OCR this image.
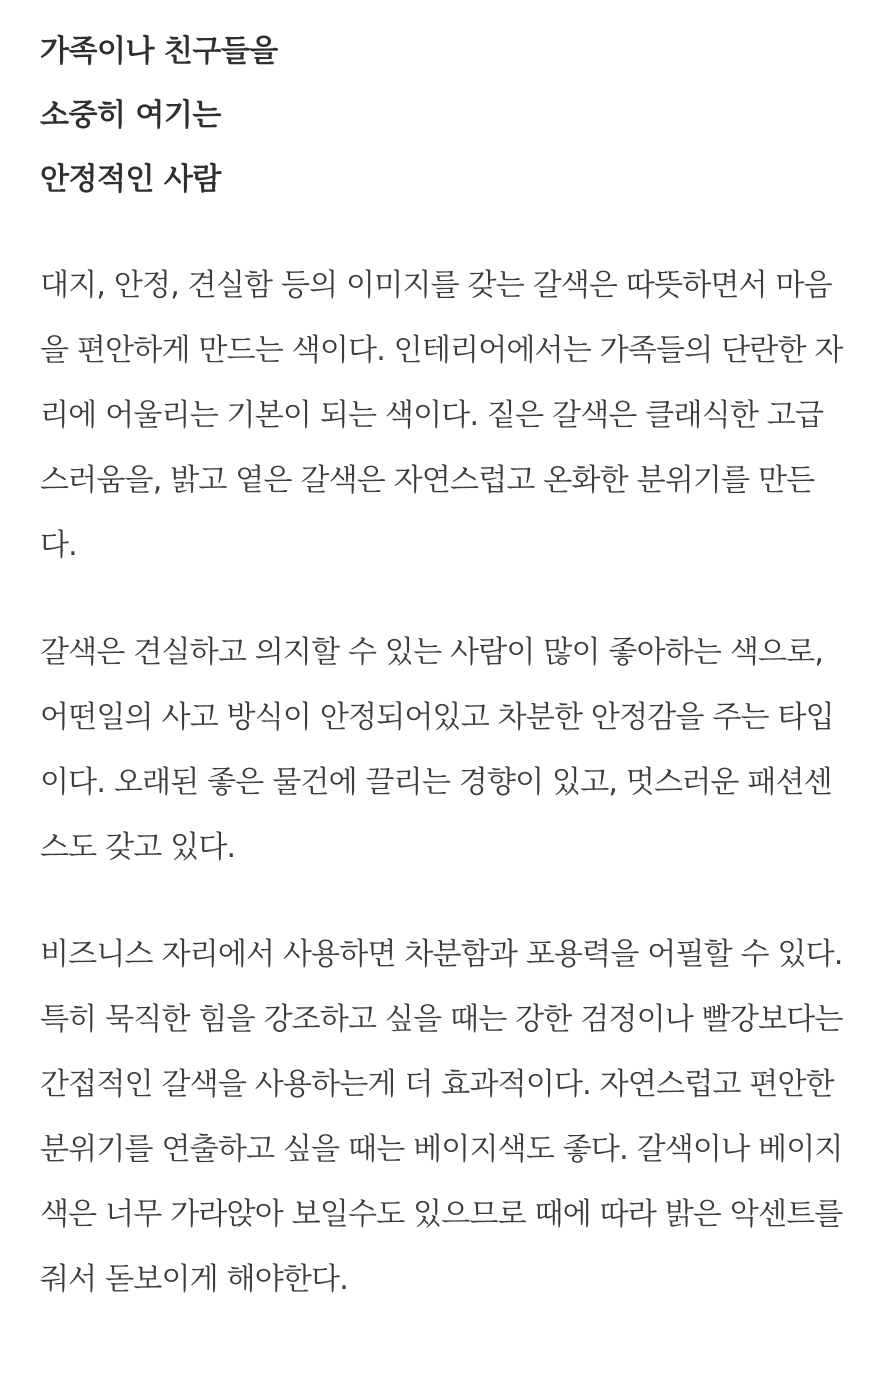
가족이나 친구들을
소중히 여기는
안정적인 사람

대지, 안정, 견실함 등의 이미지를 갖는 갈색은 따뜻하면서 마음
을 편안하게 만드는 색이다. 인테리어에서는 가족들의 단란한 자
리에 어울리는 기본이 되는 색이다. 짙은 갈색은 클래식한 고급
스러움을, 밝고 옅은 갈색은 자연스럽고 온화한 분위기를 만든
다.

갈색은 견실하고 의지할 수 있는 사람이 많이 좋아하는 색으로,
어떤일의 사고 방식이 안정되어있고 차분한 안정감을 주는 타입
이다. 오래된 좋은 물건에 끌리는 경향이 있고, 멋스러운 패션센
스도 갖고 있다.

비즈니스 자리에서 사용하면 차분함과 포용력을 어필할 수 있다.
특히 묵직한 힘을 강조하고 싶을 때는 강한 검정이나 빨강보다는
간접적인 갈색을 사용하는게 더 효과적이다. 자연스럽고 편안한
분위기를 연출하고 싶을 때는 베이지색도 좋다. 갈색이나 베이지
색은 너무 가라앉아 보일수도 있으므로 때에 따라 밝은 악센트를
줘서 돋보이게 해야한다.
